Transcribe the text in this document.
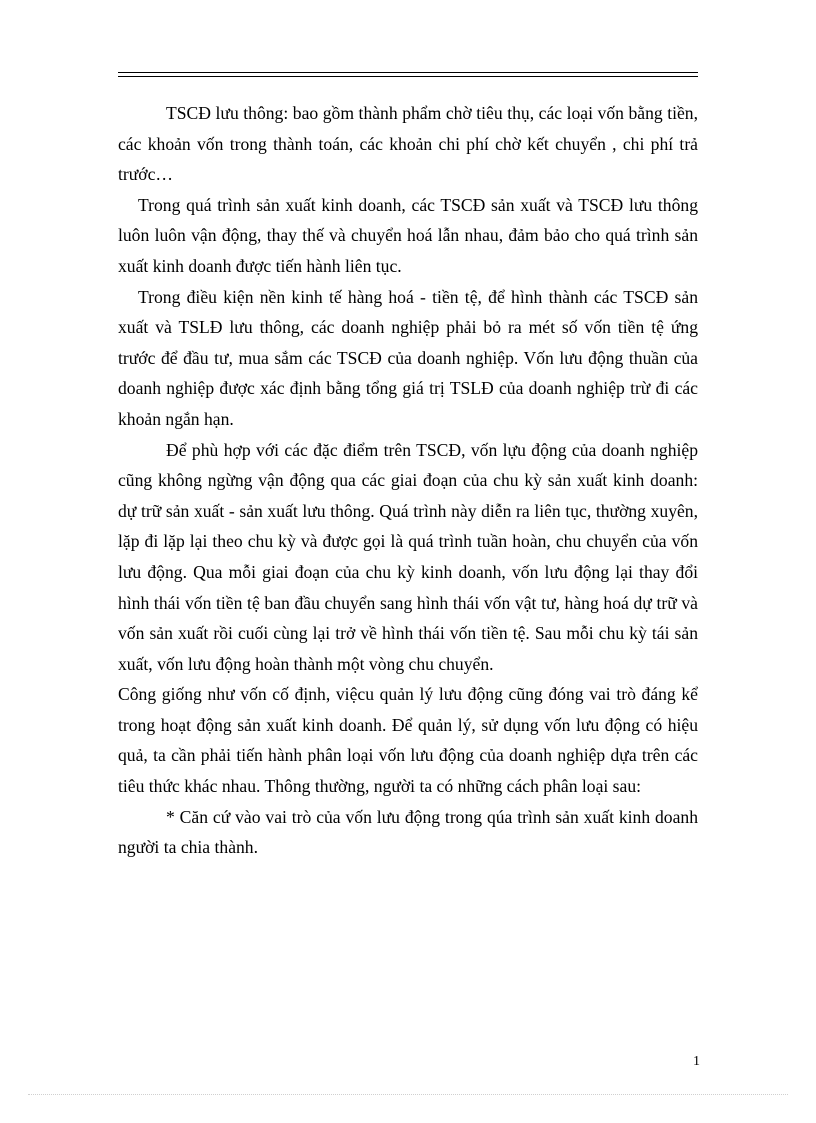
TSCĐ lưu thông: bao gồm thành phẩm chờ tiêu thụ, các loại vốn bằng tiền, các khoản vốn trong thành toán, các khoản chi phí chờ kết chuyển , chi phí trả trước…

Trong quá trình sản xuất kinh doanh, các TSCĐ sản xuất và TSCĐ lưu thông luôn luôn vận động, thay thế và chuyển hoá lẫn nhau, đảm bảo cho quá trình sản xuất kinh doanh được tiến hành liên tục.

Trong điều kiện nền kinh tế hàng hoá - tiền tệ, để hình thành các TSCĐ sản xuất và TSLĐ lưu thông, các doanh nghiệp phải bỏ ra mét số vốn tiền tệ ứng trước để đầu tư, mua sắm các TSCĐ của doanh nghiệp. Vốn lưu động thuần của doanh nghiệp được xác định bằng tổng giá trị TSLĐ của doanh nghiệp trừ đi các khoản ngắn hạn.

Để phù hợp với các đặc điểm trên TSCĐ, vốn lựu động của doanh nghiệp cũng không ngừng vận động qua các giai đoạn của chu kỳ sản xuất kinh doanh: dự trữ sản xuất - sản xuất lưu thông. Quá trình này diễn ra liên tục, thường xuyên, lặp đi lặp lại theo chu kỳ và được gọi là quá trình tuần hoàn, chu chuyển của vốn lưu động. Qua mỗi giai đoạn của chu kỳ kinh doanh, vốn lưu động lại thay đổi hình thái vốn tiền tệ ban đầu chuyển sang hình thái vốn vật tư, hàng hoá dự trữ và vốn sản xuất rồi cuối cùng lại trở về hình thái vốn tiền tệ. Sau mỗi chu kỳ tái sản xuất, vốn lưu động hoàn thành một vòng chu chuyển.

Công giống như vốn cố định, việcu quản lý lưu động cũng đóng vai trò đáng kể trong hoạt động sản xuất kinh doanh. Để quản lý, sử dụng vốn lưu động có hiệu quả, ta cần phải tiến hành phân loại vốn lưu động của doanh nghiệp dựa trên các tiêu thức khác nhau. Thông thường, người ta có những cách phân loại sau:

* Căn cứ vào vai trò của vốn lưu động trong qúa trình sản xuất kinh doanh người ta chia thành.

1
